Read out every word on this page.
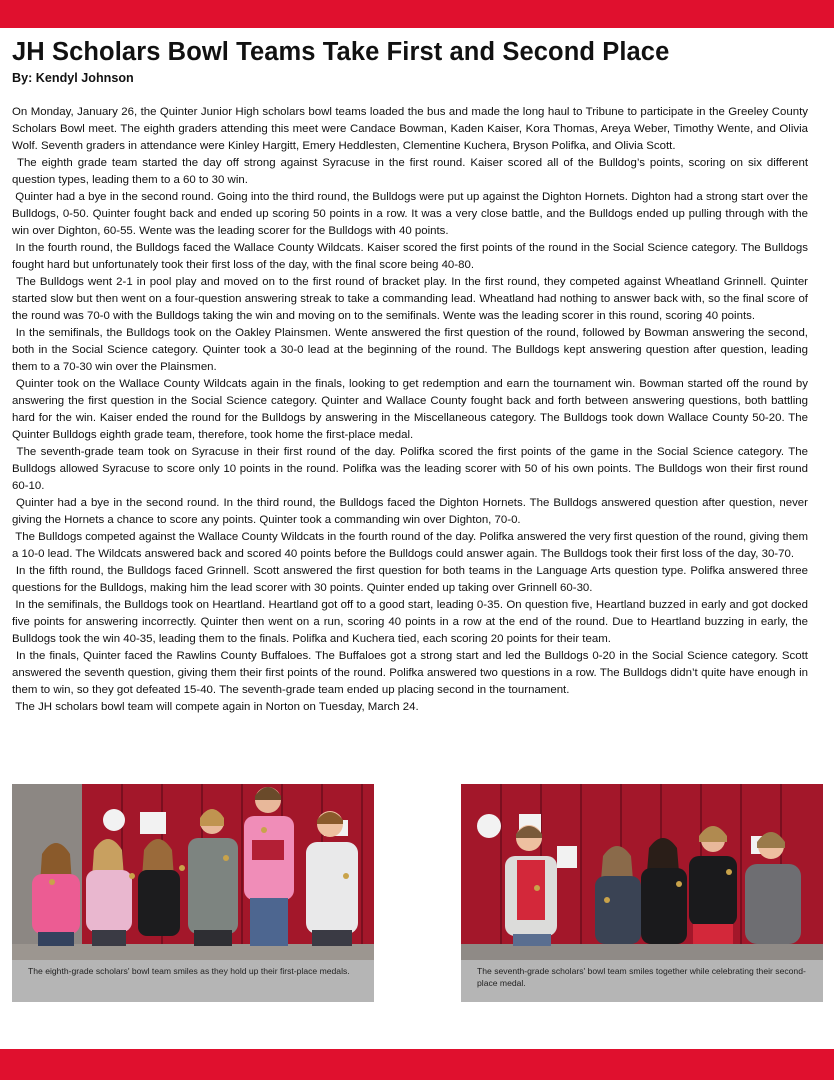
JH Scholars Bowl Teams Take First and Second Place
By: Kendyl Johnson

On Monday, January 26, the Quinter Junior High scholars bowl teams loaded the bus and made the long haul to Tribune to participate in the Greeley County Scholars Bowl meet. The eighth graders attending this meet were Candace Bowman, Kaden Kaiser, Kora Thomas, Areya Weber, Timothy Wente, and Olivia Wolf. Seventh graders in attendance were Kinley Hargitt, Emery Heddlesten, Clementine Kuchera, Bryson Polifka, and Olivia Scott.

The eighth grade team started the day off strong against Syracuse in the first round. Kaiser scored all of the Bulldog’s points, scoring on six different question types, leading them to a 60 to 30 win.

Quinter had a bye in the second round. Going into the third round, the Bulldogs were put up against the Dighton Hornets. Dighton had a strong start over the Bulldogs, 0-50. Quinter fought back and ended up scoring 50 points in a row. It was a very close battle, and the Bulldogs ended up pulling through with the win over Dighton, 60-55. Wente was the leading scorer for the Bulldogs with 40 points.

In the fourth round, the Bulldogs faced the Wallace County Wildcats. Kaiser scored the first points of the round in the Social Science category. The Bulldogs fought hard but unfortunately took their first loss of the day, with the final score being 40-80.

The Bulldogs went 2-1 in pool play and moved on to the first round of bracket play. In the first round, they competed against Wheatland Grinnell. Quinter started slow but then went on a four-question answering streak to take a commanding lead. Wheatland had nothing to answer back with, so the final score of the round was 70-0 with the Bulldogs taking the win and moving on to the semifinals. Wente was the leading scorer in this round, scoring 40 points.

In the semifinals, the Bulldogs took on the Oakley Plainsmen. Wente answered the first question of the round, followed by Bowman answering the second, both in the Social Science category. Quinter took a 30-0 lead at the beginning of the round. The Bulldogs kept answering question after question, leading them to a 70-30 win over the Plainsmen.

Quinter took on the Wallace County Wildcats again in the finals, looking to get redemption and earn the tournament win. Bowman started off the round by answering the first question in the Social Science category. Quinter and Wallace County fought back and forth between answering questions, both battling hard for the win. Kaiser ended the round for the Bulldogs by answering in the Miscellaneous category. The Bulldogs took down Wallace County 50-20. The Quinter Bulldogs eighth grade team, therefore, took home the first-place medal.

The seventh-grade team took on Syracuse in their first round of the day. Polifka scored the first points of the game in the Social Science category. The Bulldogs allowed Syracuse to score only 10 points in the round. Polifka was the leading scorer with 50 of his own points. The Bulldogs won their first round 60-10.

Quinter had a bye in the second round. In the third round, the Bulldogs faced the Dighton Hornets. The Bulldogs answered question after question, never giving the Hornets a chance to score any points. Quinter took a commanding win over Dighton, 70-0.

The Bulldogs competed against the Wallace County Wildcats in the fourth round of the day. Polifka answered the very first question of the round, giving them a 10-0 lead. The Wildcats answered back and scored 40 points before the Bulldogs could answer again. The Bulldogs took their first loss of the day, 30-70.

In the fifth round, the Bulldogs faced Grinnell. Scott answered the first question for both teams in the Language Arts question type. Polifka answered three questions for the Bulldogs, making him the lead scorer with 30 points. Quinter ended up taking over Grinnell 60-30.

In the semifinals, the Bulldogs took on Heartland. Heartland got off to a good start, leading 0-35. On question five, Heartland buzzed in early and got docked five points for answering incorrectly. Quinter then went on a run, scoring 40 points in a row at the end of the round. Due to Heartland buzzing in early, the Bulldogs took the win 40-35, leading them to the finals. Polifka and Kuchera tied, each scoring 20 points for their team.

In the finals, Quinter faced the Rawlins County Buffaloes. The Buffaloes got a strong start and led the Bulldogs 0-20 in the Social Science category. Scott answered the seventh question, giving them their first points of the round. Polifka answered two questions in a row. The Bulldogs didn’t quite have enough in them to win, so they got defeated 15-40. The seventh-grade team ended up placing second in the tournament.

The JH scholars bowl team will compete again in Norton on Tuesday, March 24.

The eighth-grade scholars' bowl team smiles as they hold up their first-place medals.	The seventh-grade scholars' bowl team smiles together while celebrating their second-place medal.
